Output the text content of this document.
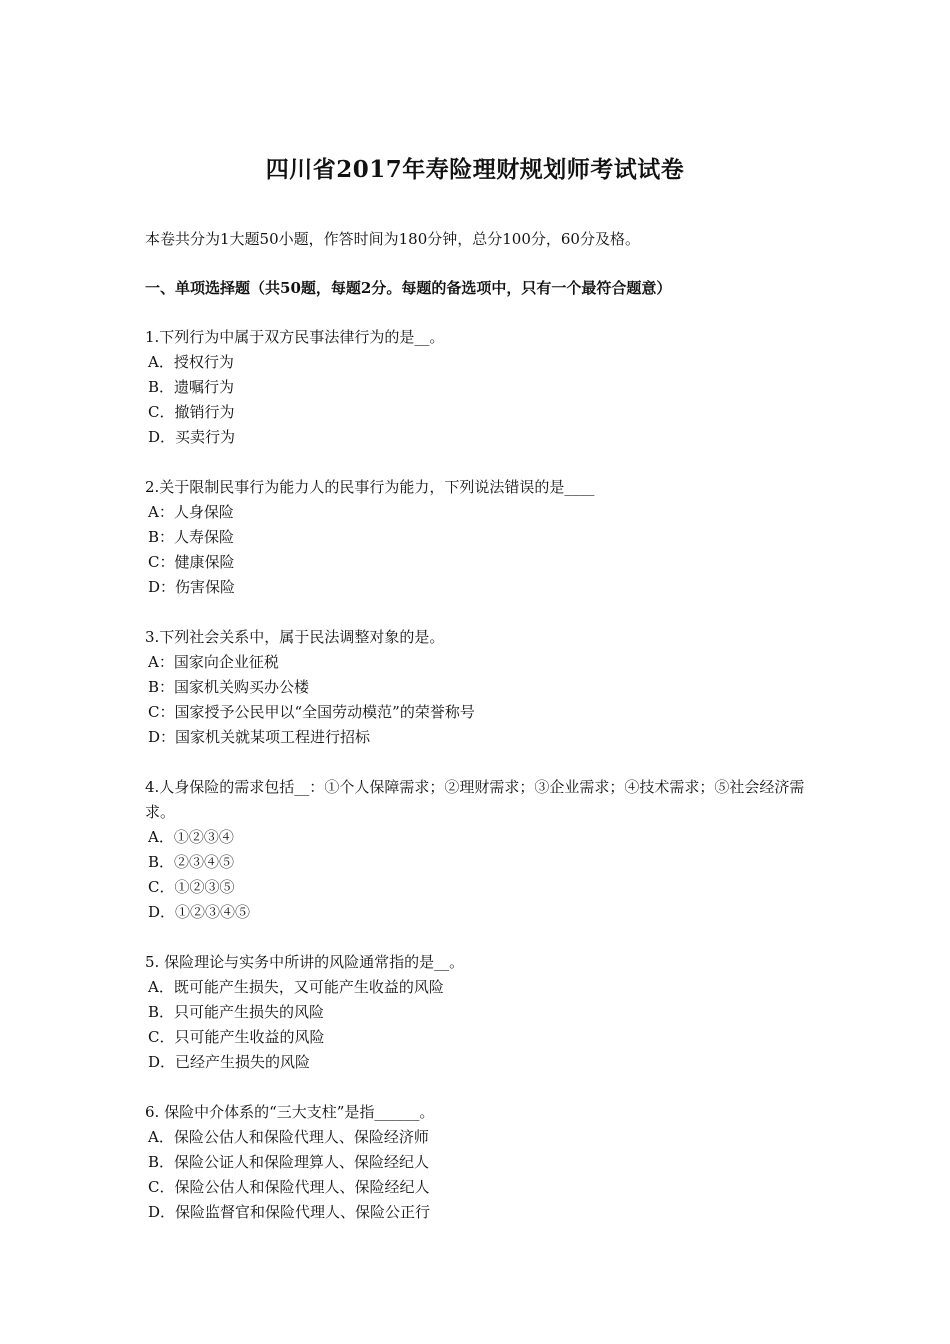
四川省2017年寿险理财规划师考试试卷
本卷共分为1大题50小题，作答时间为180分钟，总分100分，60分及格。
一、单项选择题（共50题，每题2分。每题的备选项中，只有一个最符合题意）

1.下列行为中属于双方民事法律行为的是__。

A．授权行为

B．遗嘱行为

C．撤销行为

D．买卖行为

2.关于限制民事行为能力人的民事行为能力，下列说法错误的是____

A：人身保险

B：人寿保险

C：健康保险

D：伤害保险

3.下列社会关系中，属于民法调整对象的是。

A：国家向企业征税

B：国家机关购买办公楼

C：国家授予公民甲以“全国劳动模范”的荣誉称号

D：国家机关就某项工程进行招标

4.人身保险的需求包括__：①个人保障需求；②理财需求；③企业需求；④技术需求；⑤社会经济需求。

A．①②③④

B．②③④⑤

C．①②③⑤

D．①②③④⑤

5. 保险理论与实务中所讲的风险通常指的是__。

A．既可能产生损失，又可能产生收益的风险

B．只可能产生损失的风险

C．只可能产生收益的风险

D．已经产生损失的风险

6. 保险中介体系的“三大支柱”是指______。

A．保险公估人和保险代理人、保险经济师

B．保险公证人和保险理算人、保险经纪人

C．保险公估人和保险代理人、保险经纪人

D．保险监督官和保险代理人、保险公正行
